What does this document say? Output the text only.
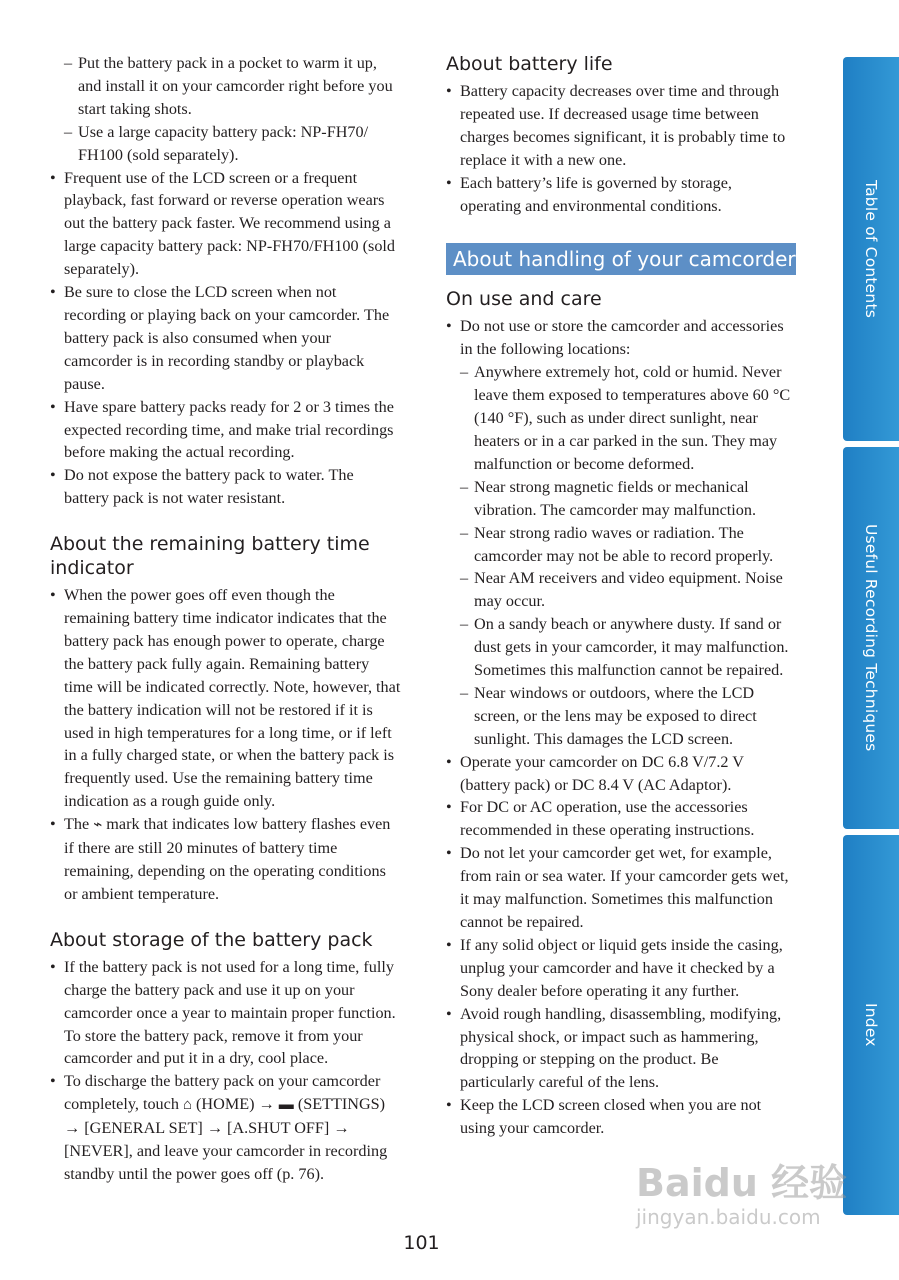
– Put the battery pack in a pocket to warm it up, and install it on your camcorder right before you start taking shots.
– Use a large capacity battery pack: NP-FH70/ FH100 (sold separately).
• Frequent use of the LCD screen or a frequent playback, fast forward or reverse operation wears out the battery pack faster. We recommend using a large capacity battery pack: NP-FH70/FH100 (sold separately).
• Be sure to close the LCD screen when not recording or playing back on your camcorder. The battery pack is also consumed when your camcorder is in recording standby or playback pause.
• Have spare battery packs ready for 2 or 3 times the expected recording time, and make trial recordings before making the actual recording.
• Do not expose the battery pack to water. The battery pack is not water resistant.
About the remaining battery time indicator
• When the power goes off even though the remaining battery time indicator indicates that the battery pack has enough power to operate, charge the battery pack fully again. Remaining battery time will be indicated correctly. Note, however, that the battery indication will not be restored if it is used in high temperatures for a long time, or if left in a fully charged state, or when the battery pack is frequently used. Use the remaining battery time indication as a rough guide only.
• The ⌁ mark that indicates low battery flashes even if there are still 20 minutes of battery time remaining, depending on the operating conditions or ambient temperature.
About storage of the battery pack
• If the battery pack is not used for a long time, fully charge the battery pack and use it up on your camcorder once a year to maintain proper function. To store the battery pack, remove it from your camcorder and put it in a dry, cool place.
• To discharge the battery pack on your camcorder completely, touch ⌂ (HOME) → ▬ (SETTINGS) → [GENERAL SET] → [A.SHUT OFF] → [NEVER], and leave your camcorder in recording standby until the power goes off (p. 76).
About battery life
• Battery capacity decreases over time and through repeated use. If decreased usage time between charges becomes significant, it is probably time to replace it with a new one.
• Each battery’s life is governed by storage, operating and environmental conditions.
About handling of your camcorder
On use and care
• Do not use or store the camcorder and accessories in the following locations:
– Anywhere extremely hot, cold or humid. Never leave them exposed to temperatures above 60 °C (140 °F), such as under direct sunlight, near heaters or in a car parked in the sun. They may malfunction or become deformed.
– Near strong magnetic fields or mechanical vibration. The camcorder may malfunction.
– Near strong radio waves or radiation. The camcorder may not be able to record properly.
– Near AM receivers and video equipment. Noise may occur.
– On a sandy beach or anywhere dusty. If sand or dust gets in your camcorder, it may malfunction. Sometimes this malfunction cannot be repaired.
– Near windows or outdoors, where the LCD screen, or the lens may be exposed to direct sunlight. This damages the LCD screen.
• Operate your camcorder on DC 6.8 V/7.2 V (battery pack) or DC 8.4 V (AC Adaptor).
• For DC or AC operation, use the accessories recommended in these operating instructions.
• Do not let your camcorder get wet, for example, from rain or sea water. If your camcorder gets wet, it may malfunction. Sometimes this malfunction cannot be repaired.
• If any solid object or liquid gets inside the casing, unplug your camcorder and have it checked by a Sony dealer before operating it any further.
• Avoid rough handling, disassembling, modifying, physical shock, or impact such as hammering, dropping or stepping on the product. Be particularly careful of the lens.
• Keep the LCD screen closed when you are not using your camcorder.
Table of Contents
Useful Recording Techniques
Index
101
Baidu 经验
jingyan.baidu.com
